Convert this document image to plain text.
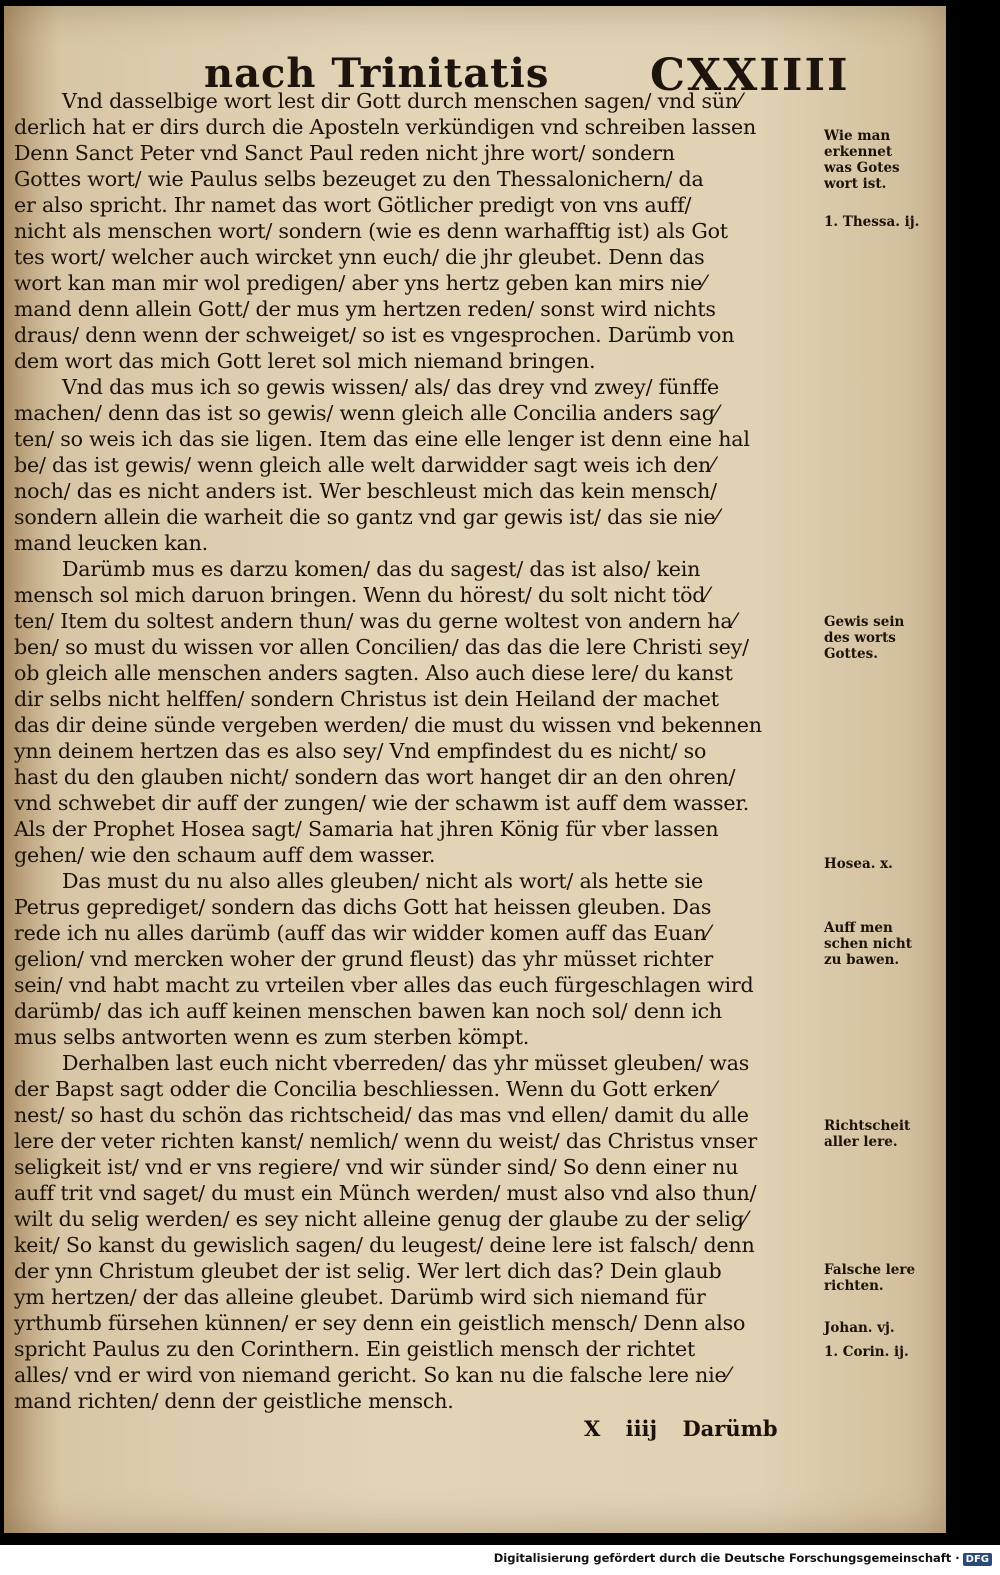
nach Trinitatis CXXIIII

Vnd dasselbige wort lest dir Gott durch menschen sagen/ vnd sün⁄
derlich hat er dirs durch die Aposteln verkündigen vnd schreiben lassen
Denn Sanct Peter vnd Sanct Paul reden nicht jhre wort/ sondern
Gottes wort/ wie Paulus selbs bezeuget zu den Thessalonichern/ da
er also spricht. Ihr namet das wort Götlicher predigt von vns auff/
nicht als menschen wort/ sondern (wie es denn warhafftig ist) als Got
tes wort/ welcher auch wircket ynn euch/ die jhr gleubet. Denn das
wort kan man mir wol predigen/ aber yns hertz geben kan mirs nie⁄
mand denn allein Gott/ der mus ym hertzen reden/ sonst wird nichts
draus/ denn wenn der schweiget/ so ist es vngesprochen. Darümb von
dem wort das mich Gott leret sol mich niemand bringen.

Vnd das mus ich so gewis wissen/ als/ das drey vnd zwey/ fünffe
machen/ denn das ist so gewis/ wenn gleich alle Concilia anders sag⁄
ten/ so weis ich das sie ligen. Item das eine elle lenger ist denn eine hal
be/ das ist gewis/ wenn gleich alle welt darwidder sagt weis ich den⁄
noch/ das es nicht anders ist. Wer beschleust mich das kein mensch/
sondern allein die warheit die so gantz vnd gar gewis ist/ das sie nie⁄
mand leucken kan.

Darümb mus es darzu komen/ das du sagest/ das ist also/ kein
mensch sol mich daruon bringen. Wenn du hörest/ du solt nicht töd⁄
ten/ Item du soltest andern thun/ was du gerne woltest von andern ha⁄
ben/ so must du wissen vor allen Concilien/ das das die lere Christi sey/
ob gleich alle menschen anders sagten. Also auch diese lere/ du kanst
dir selbs nicht helffen/ sondern Christus ist dein Heiland der machet
das dir deine sünde vergeben werden/ die must du wissen vnd bekennen
ynn deinem hertzen das es also sey/ Vnd empfindest du es nicht/ so
hast du den glauben nicht/ sondern das wort hanget dir an den ohren/
vnd schwebet dir auff der zungen/ wie der schawm ist auff dem wasser.
Als der Prophet Hosea sagt/ Samaria hat jhren König für vber lassen
gehen/ wie den schaum auff dem wasser.

Das must du nu also alles gleuben/ nicht als wort/ als hette sie
Petrus geprediget/ sondern das dichs Gott hat heissen gleuben. Das
rede ich nu alles darümb (auff das wir widder komen auff das Euan⁄
gelion/ vnd mercken woher der grund fleust) das yhr müsset richter
sein/ vnd habt macht zu vrteilen vber alles das euch fürgeschlagen wird
darümb/ das ich auff keinen menschen bawen kan noch sol/ denn ich
mus selbs antworten wenn es zum sterben kömpt.

Derhalben last euch nicht vberreden/ das yhr müsset gleuben/ was
der Bapst sagt odder die Concilia beschliessen. Wenn du Gott erken⁄
nest/ so hast du schön das richtscheid/ das mas vnd ellen/ damit du alle
lere der veter richten kanst/ nemlich/ wenn du weist/ das Christus vnser
seligkeit ist/ vnd er vns regiere/ vnd wir sünder sind/ So denn einer nu
auff trit vnd saget/ du must ein Münch werden/ must also vnd also thun/
wilt du selig werden/ es sey nicht alleine genug der glaube zu der selig⁄
keit/ So kanst du gewislich sagen/ du leugest/ deine lere ist falsch/ denn
der ynn Christum gleubet der ist selig. Wer lert dich das? Dein glaub
ym hertzen/ der das alleine gleubet. Darümb wird sich niemand für
yrthumb fürsehen künnen/ er sey denn ein geistlich mensch/ Denn also
spricht Paulus zu den Corinthern. Ein geistlich mensch der richtet
alles/ vnd er wird von niemand gericht. So kan nu die falsche lere nie⁄
mand richten/ denn der geistliche mensch.

Wie man
erkennet
was Gotes
wort ist.
1. Thessa. ij.
Gewis sein
des worts
Gottes.
Hosea. x.
Auff men
schen nicht
zu bawen.
Richtscheit
aller lere.
Falsche lere
richten.
Johan. vj.
1. Corin. ij.
X iiij Darümb
Digitalisierung gefördert durch die Deutsche Forschungsgemeinschaft · DFG
